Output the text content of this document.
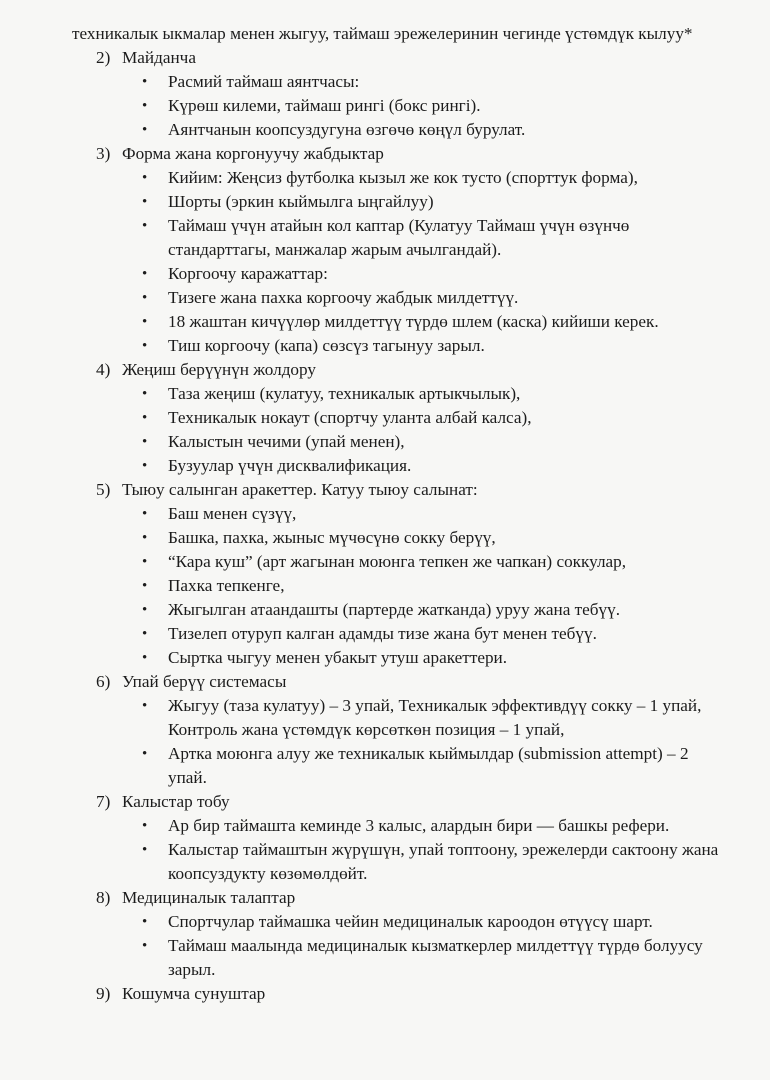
техникалык ыкмалар менен жыгуу, таймаш эрежелеринин чегинде үстөмдүк кылуу*

2) Майданча
• Расмий таймаш аянтчасы:
• Күрөш килеми, таймаш рингі (бокс рингі).
• Аянтчанын коопсуздугуна өзгөчө көңүл бурулат.
3) Форма жана коргонуучу жабдыктар
• Кийим: Жеңсиз футболка кызыл же кок тусто (спорттук форма),
• Шорты (эркин кыймылга ыңгайлуу)
• Таймаш үчүн атайын кол каптар (Кулатуу Таймаш үчүн өзүнчө стандарттагы, манжалар жарым ачылгандай).
• Коргоочу каражаттар:
• Тизеге жана пахка коргоочу жабдык милдеттүү.
• 18 жаштан кичүүлөр милдеттүү түрдө шлем (каска) кийиши керек.
• Тиш коргоочу (капа) сөзсүз тагынуу зарыл.
4) Жеңиш берүүнүн жолдору
• Таза жеңиш (кулатуу, техникалык артыкчылык),
• Техникалык нокаут (спортчу уланта албай калса),
• Калыстын чечими (упай менен),
• Бузуулар үчүн дисквалификация.
5) Тыюу салынган аракеттер. Катуу тыюу салынат:
• Баш менен сүзүү,
• Башка, пахка, жыныс мүчөсүнө сокку берүү,
• “Кара куш” (арт жагынан моюнга тепкен же чапкан) соккулар,
• Пахка тепкенге,
• Жыгылган атаандашты (партерде жатканда) уруу жана тебүү.
• Тизелеп отуруп калган адамды тизе жана бут менен тебүү.
• Сыртка чыгуу менен убакыт утуш аракеттери.
6) Упай берүү системасы
• Жыгуу (таза кулатуу) – 3 упай, Техникалык эффективдүү сокку – 1 упай, Контроль жана үстөмдүк көрсөткөн позиция – 1 упай,
• Артка моюнга алуу же техникалык кыймылдар (submission attempt) – 2 упай.
7) Калыстар тобу
• Ар бир таймашта кеминде 3 калыс, алардын бири — башкы рефери.
• Калыстар таймаштын жүрүшүн, упай топтоону, эрежелерди сактоону жана коопсуздукту көзөмөлдөйт.
8) Медициналык талаптар
• Спортчулар таймашка чейин медициналык кароодон өтүүсү шарт.
• Таймаш маалында медициналык кызматкерлер милдеттүү түрдө болуусу зарыл.
9) Кошумча сунуштар
